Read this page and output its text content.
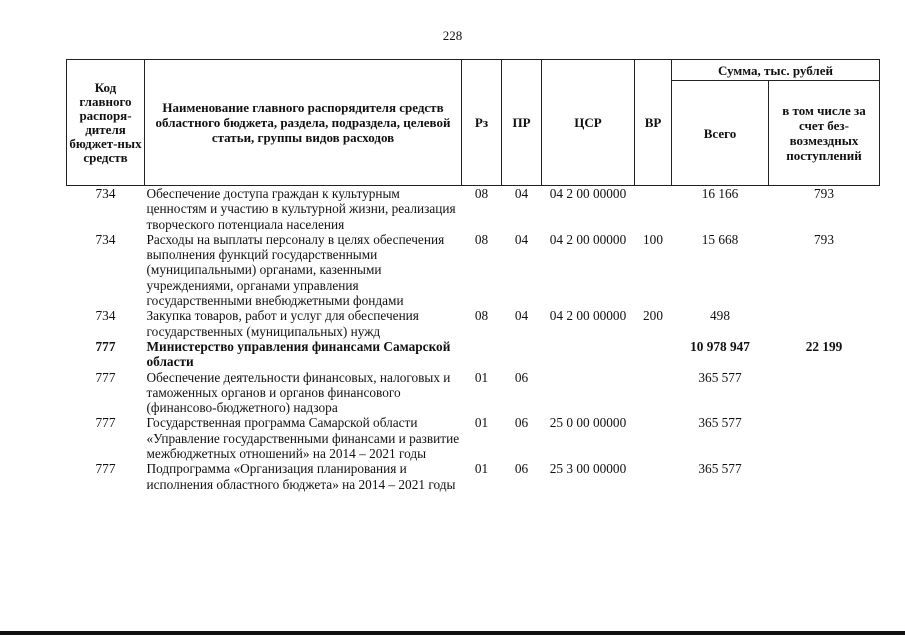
228
Код главного распоря-дителя бюджет-ных средств	Наименование главного распорядителя средств областного бюджета, раздела, подраздела, целевой статьи, группы видов расходов	Рз	ПР	ЦСР	ВР	Сумма, тыс. рублей	
						Всего	в том числе за счет без-возмездных поступлений
734	Обеспечение доступа граждан к культурным ценностям и участию в культурной жизни, реализация творческого потенциала населения	08	04	04 2 00 00000		16 166	793
734	Расходы на выплаты персоналу в целях обеспечения выполнения функций государственными (муниципальными) органами, казенными учреждениями, органами управления государственными внебюджетными фондами	08	04	04 2 00 00000	100	15 668	793
734	Закупка товаров, работ и услуг для обеспечения государственных (муниципальных) нужд	08	04	04 2 00 00000	200	498	
777	Министерство управления финансами Самарской области					10 978 947	22 199
777	Обеспечение деятельности финансовых, налоговых и таможенных органов и органов финансового (финансово-бюджетного) надзора	01	06			365 577	
777	Государственная программа Самарской области «Управление государственными финансами и развитие межбюджетных отношений» на 2014 – 2021 годы	01	06	25 0 00 00000		365 577	
777	Подпрограмма «Организация планирования и исполнения областного бюджета» на 2014 – 2021 годы	01	06	25 3 00 00000		365 577	
